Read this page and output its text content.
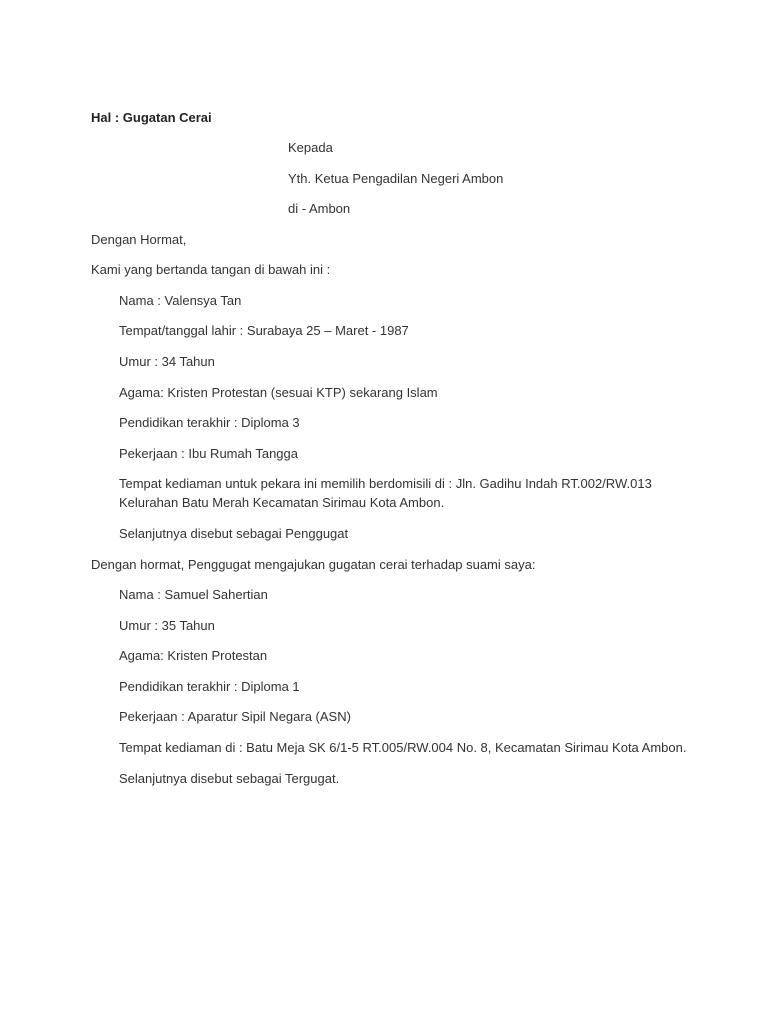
Hal : Gugatan Cerai
Kepada
Yth. Ketua Pengadilan Negeri Ambon
di - Ambon
Dengan Hormat,
Kami yang bertanda tangan di bawah ini :
Nama : Valensya Tan
Tempat/tanggal lahir : Surabaya 25 – Maret - 1987
Umur : 34 Tahun
Agama: Kristen Protestan (sesuai KTP) sekarang Islam
Pendidikan terakhir : Diploma 3
Pekerjaan : Ibu Rumah Tangga
Tempat kediaman untuk pekara ini memilih berdomisili di : Jln. Gadihu Indah RT.002/RW.013 Kelurahan Batu Merah Kecamatan Sirimau Kota Ambon.
Selanjutnya disebut sebagai Penggugat
Dengan hormat, Penggugat mengajukan gugatan cerai terhadap suami saya:
Nama : Samuel Sahertian
Umur : 35 Tahun
Agama: Kristen Protestan
Pendidikan terakhir : Diploma 1
Pekerjaan : Aparatur Sipil Negara (ASN)
Tempat kediaman di : Batu Meja SK 6/1-5 RT.005/RW.004 No. 8, Kecamatan Sirimau Kota Ambon.
Selanjutnya disebut sebagai Tergugat.
